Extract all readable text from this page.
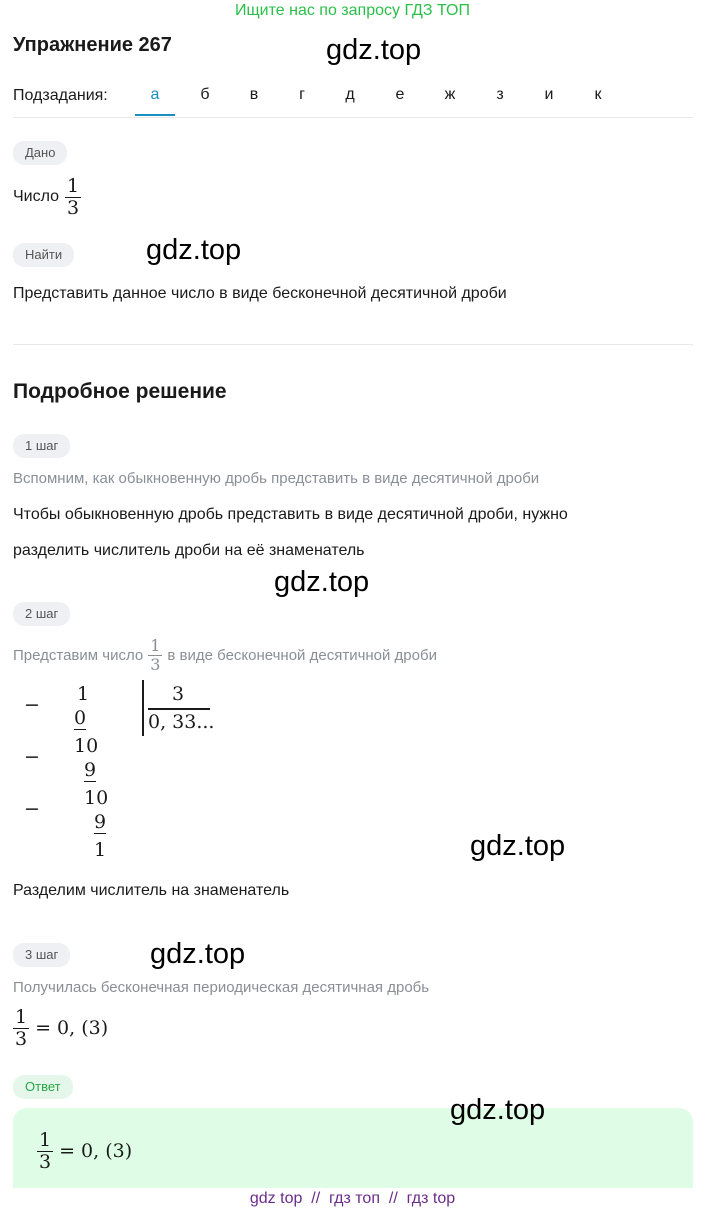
Ищите нас по запросу ГДЗ ТОП
Упражнение 267	gdz.top
gdz.top
gdz.top
gdz.top
gdz.top
gdz.top
Подзадания:	а	б	в	г	д	е	ж	з	и	к
Дано
Число $\frac{1}{3}$
Найти
Представить данное число в виде бесконечной десятичной дроби
Подробное решение
1 шаг
Вспомним, как обыкновенную дробь представить в виде десятичной дроби
Чтобы обыкновенную дробь представить в виде десятичной дроби, нужно
разделить числитель дроби на её знаменатель
2 шаг
Представим число $\frac{1}{3}$ в виде бесконечной десятичной дроби
− 1
0
− 10
9
− 10
9
1
3
0, 33...
Разделим числитель на знаменатель
3 шаг
Получилась бесконечная периодическая десятичная дробь
$\frac{1}{3} = 0$, (3)
Ответ
$\frac{1}{3} = 0$, (3)
gdz top  //  гдз топ  //  гдз top
